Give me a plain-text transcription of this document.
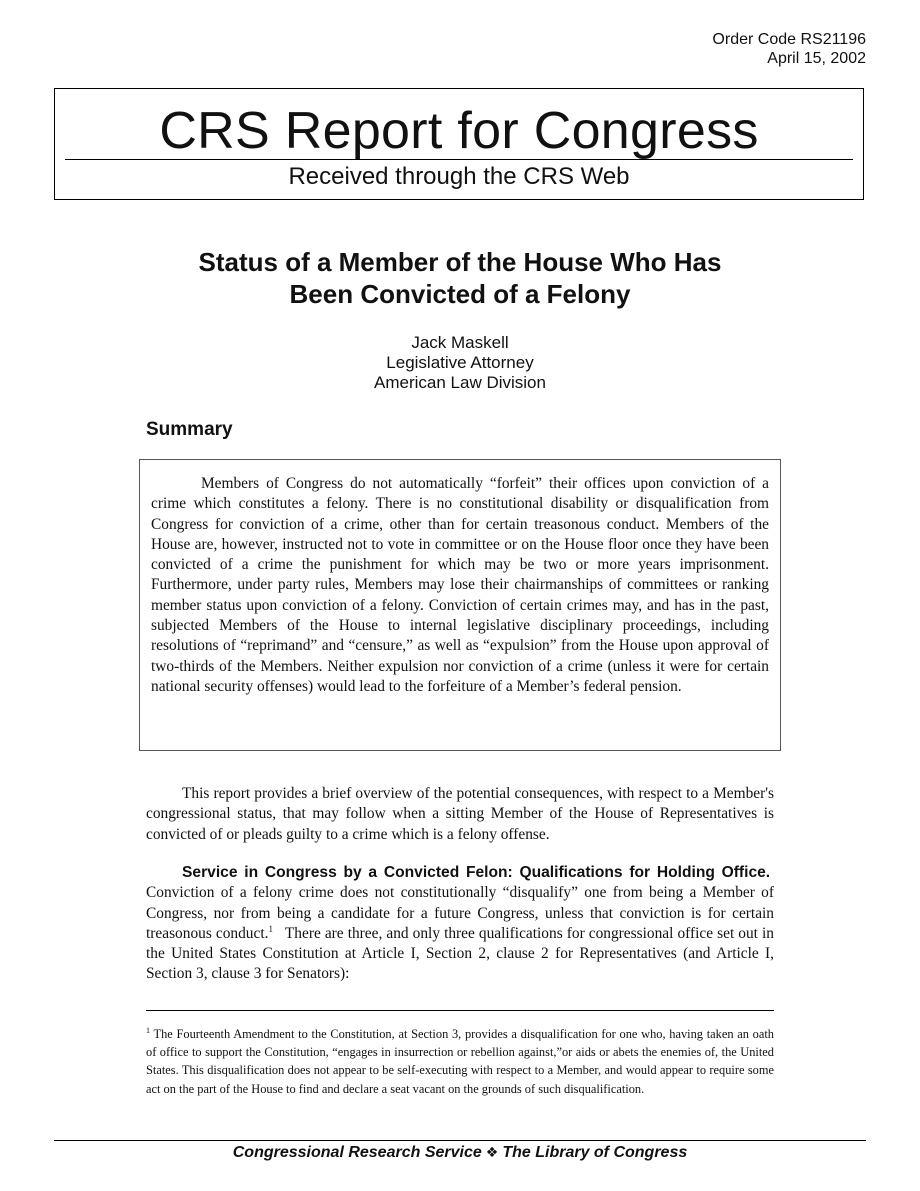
Order Code RS21196
April 15, 2002
CRS Report for Congress
Received through the CRS Web
Status of a Member of the House Who Has
Been Convicted of a Felony
Jack Maskell
Legislative Attorney
American Law Division
Summary

Members of Congress do not automatically “forfeit” their offices upon conviction of a crime which constitutes a felony. There is no constitutional disability or disqualification from Congress for conviction of a crime, other than for certain treasonous conduct. Members of the House are, however, instructed not to vote in committee or on the House floor once they have been convicted of a crime the punishment for which may be two or more years imprisonment. Furthermore, under party rules, Members may lose their chairmanships of committees or ranking member status upon conviction of a felony. Conviction of certain crimes may, and has in the past, subjected Members of the House to internal legislative disciplinary proceedings, including resolutions of “reprimand” and “censure,” as well as “expulsion” from the House upon approval of two-thirds of the Members. Neither expulsion nor conviction of a crime (unless it were for certain national security offenses) would lead to the forfeiture of a Member’s federal pension.

This report provides a brief overview of the potential consequences, with respect to a Member's congressional status, that may follow when a sitting Member of the House of Representatives is convicted of or pleads guilty to a crime which is a felony offense.

Service in Congress by a Convicted Felon: Qualifications for Holding Office.  Conviction of a felony crime does not constitutionally “disqualify” one from being a Member of Congress, nor from being a candidate for a future Congress, unless that conviction is for certain treasonous conduct.$^1$ There are three, and only three qualifications for congressional office set out in the United States Constitution at Article I, Section 2, clause 2 for Representatives (and Article I, Section 3, clause 3 for Senators):

$^1$ The Fourteenth Amendment to the Constitution, at Section 3, provides a disqualification for one who, having taken an oath of office to support the Constitution, “engages in insurrection or rebellion against,”or aids or abets the enemies of, the United States. This disqualification does not appear to be self-executing with respect to a Member, and would appear to require some act on the part of the House to find and declare a seat vacant on the grounds of such disqualification.

Congressional Research Service ❖ The Library of Congress
